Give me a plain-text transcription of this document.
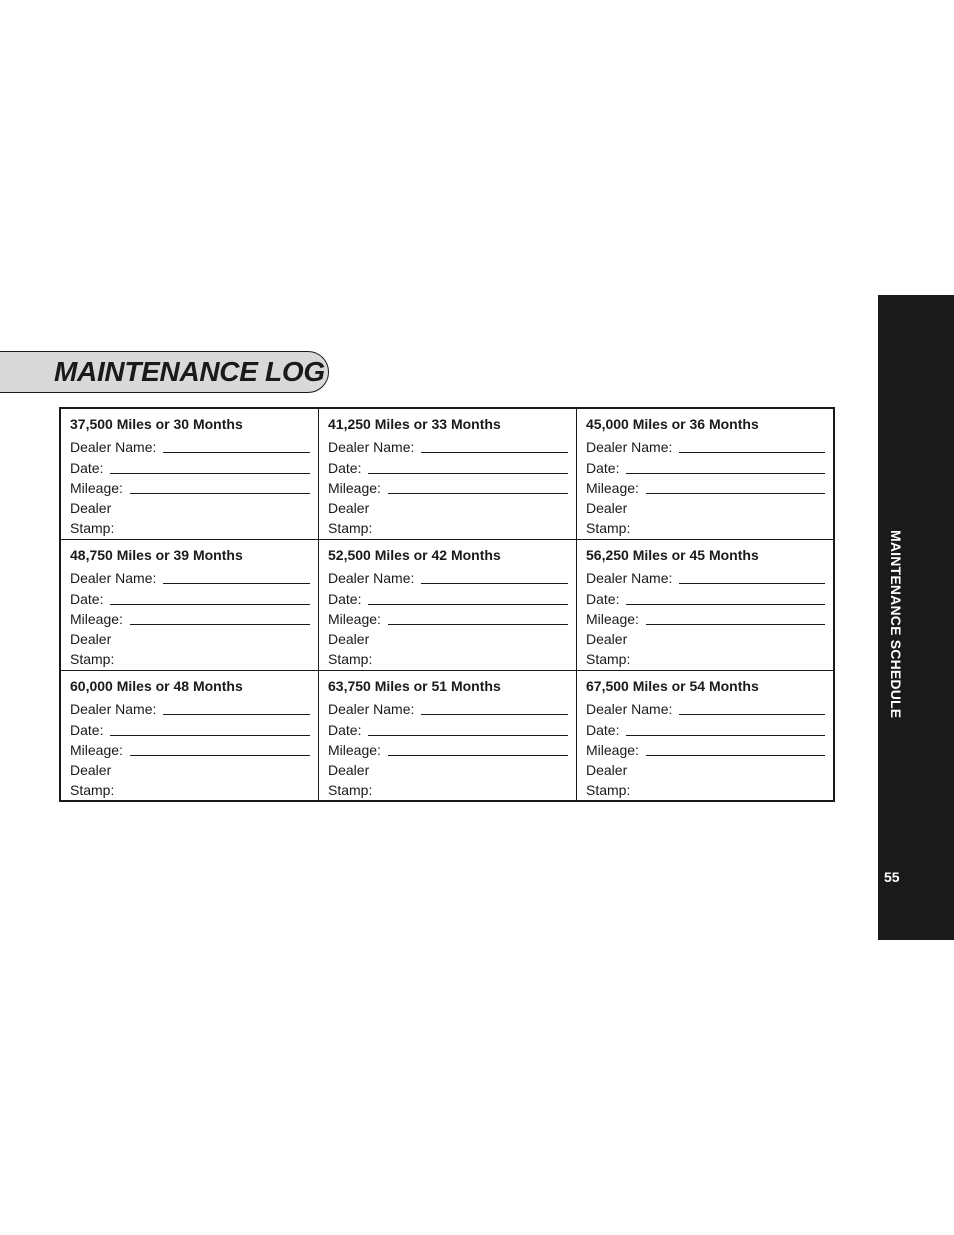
MAINTENANCE LOG
MAINTENANCE SCHEDULE
55
37,500 Miles or 30 Months
Dealer Name:
Date:
Mileage:
Dealer
Stamp:
41,250 Miles or 33 Months
Dealer Name:
Date:
Mileage:
Dealer
Stamp:
45,000 Miles or 36 Months
Dealer Name:
Date:
Mileage:
Dealer
Stamp:
48,750 Miles or 39 Months
Dealer Name:
Date:
Mileage:
Dealer
Stamp:
52,500 Miles or 42 Months
Dealer Name:
Date:
Mileage:
Dealer
Stamp:
56,250 Miles or 45 Months
Dealer Name:
Date:
Mileage:
Dealer
Stamp:
60,000 Miles or 48 Months
Dealer Name:
Date:
Mileage:
Dealer
Stamp:
63,750 Miles or 51 Months
Dealer Name:
Date:
Mileage:
Dealer
Stamp:
67,500 Miles or 54 Months
Dealer Name:
Date:
Mileage:
Dealer
Stamp:
